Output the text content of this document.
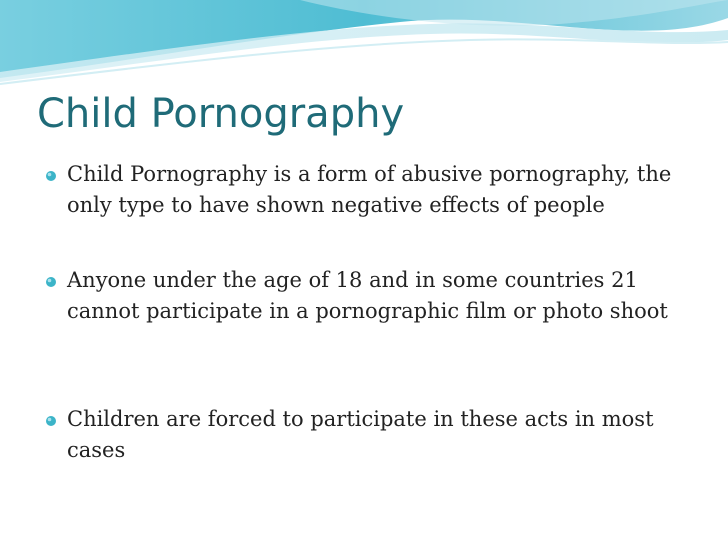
Child Pornography
Child Pornography is a form of abusive pornography, the only type to have shown negative effects of people
Anyone under the age of 18 and in some countries 21 cannot participate in a pornographic film or photo shoot
Children are forced to participate in these acts in most cases
